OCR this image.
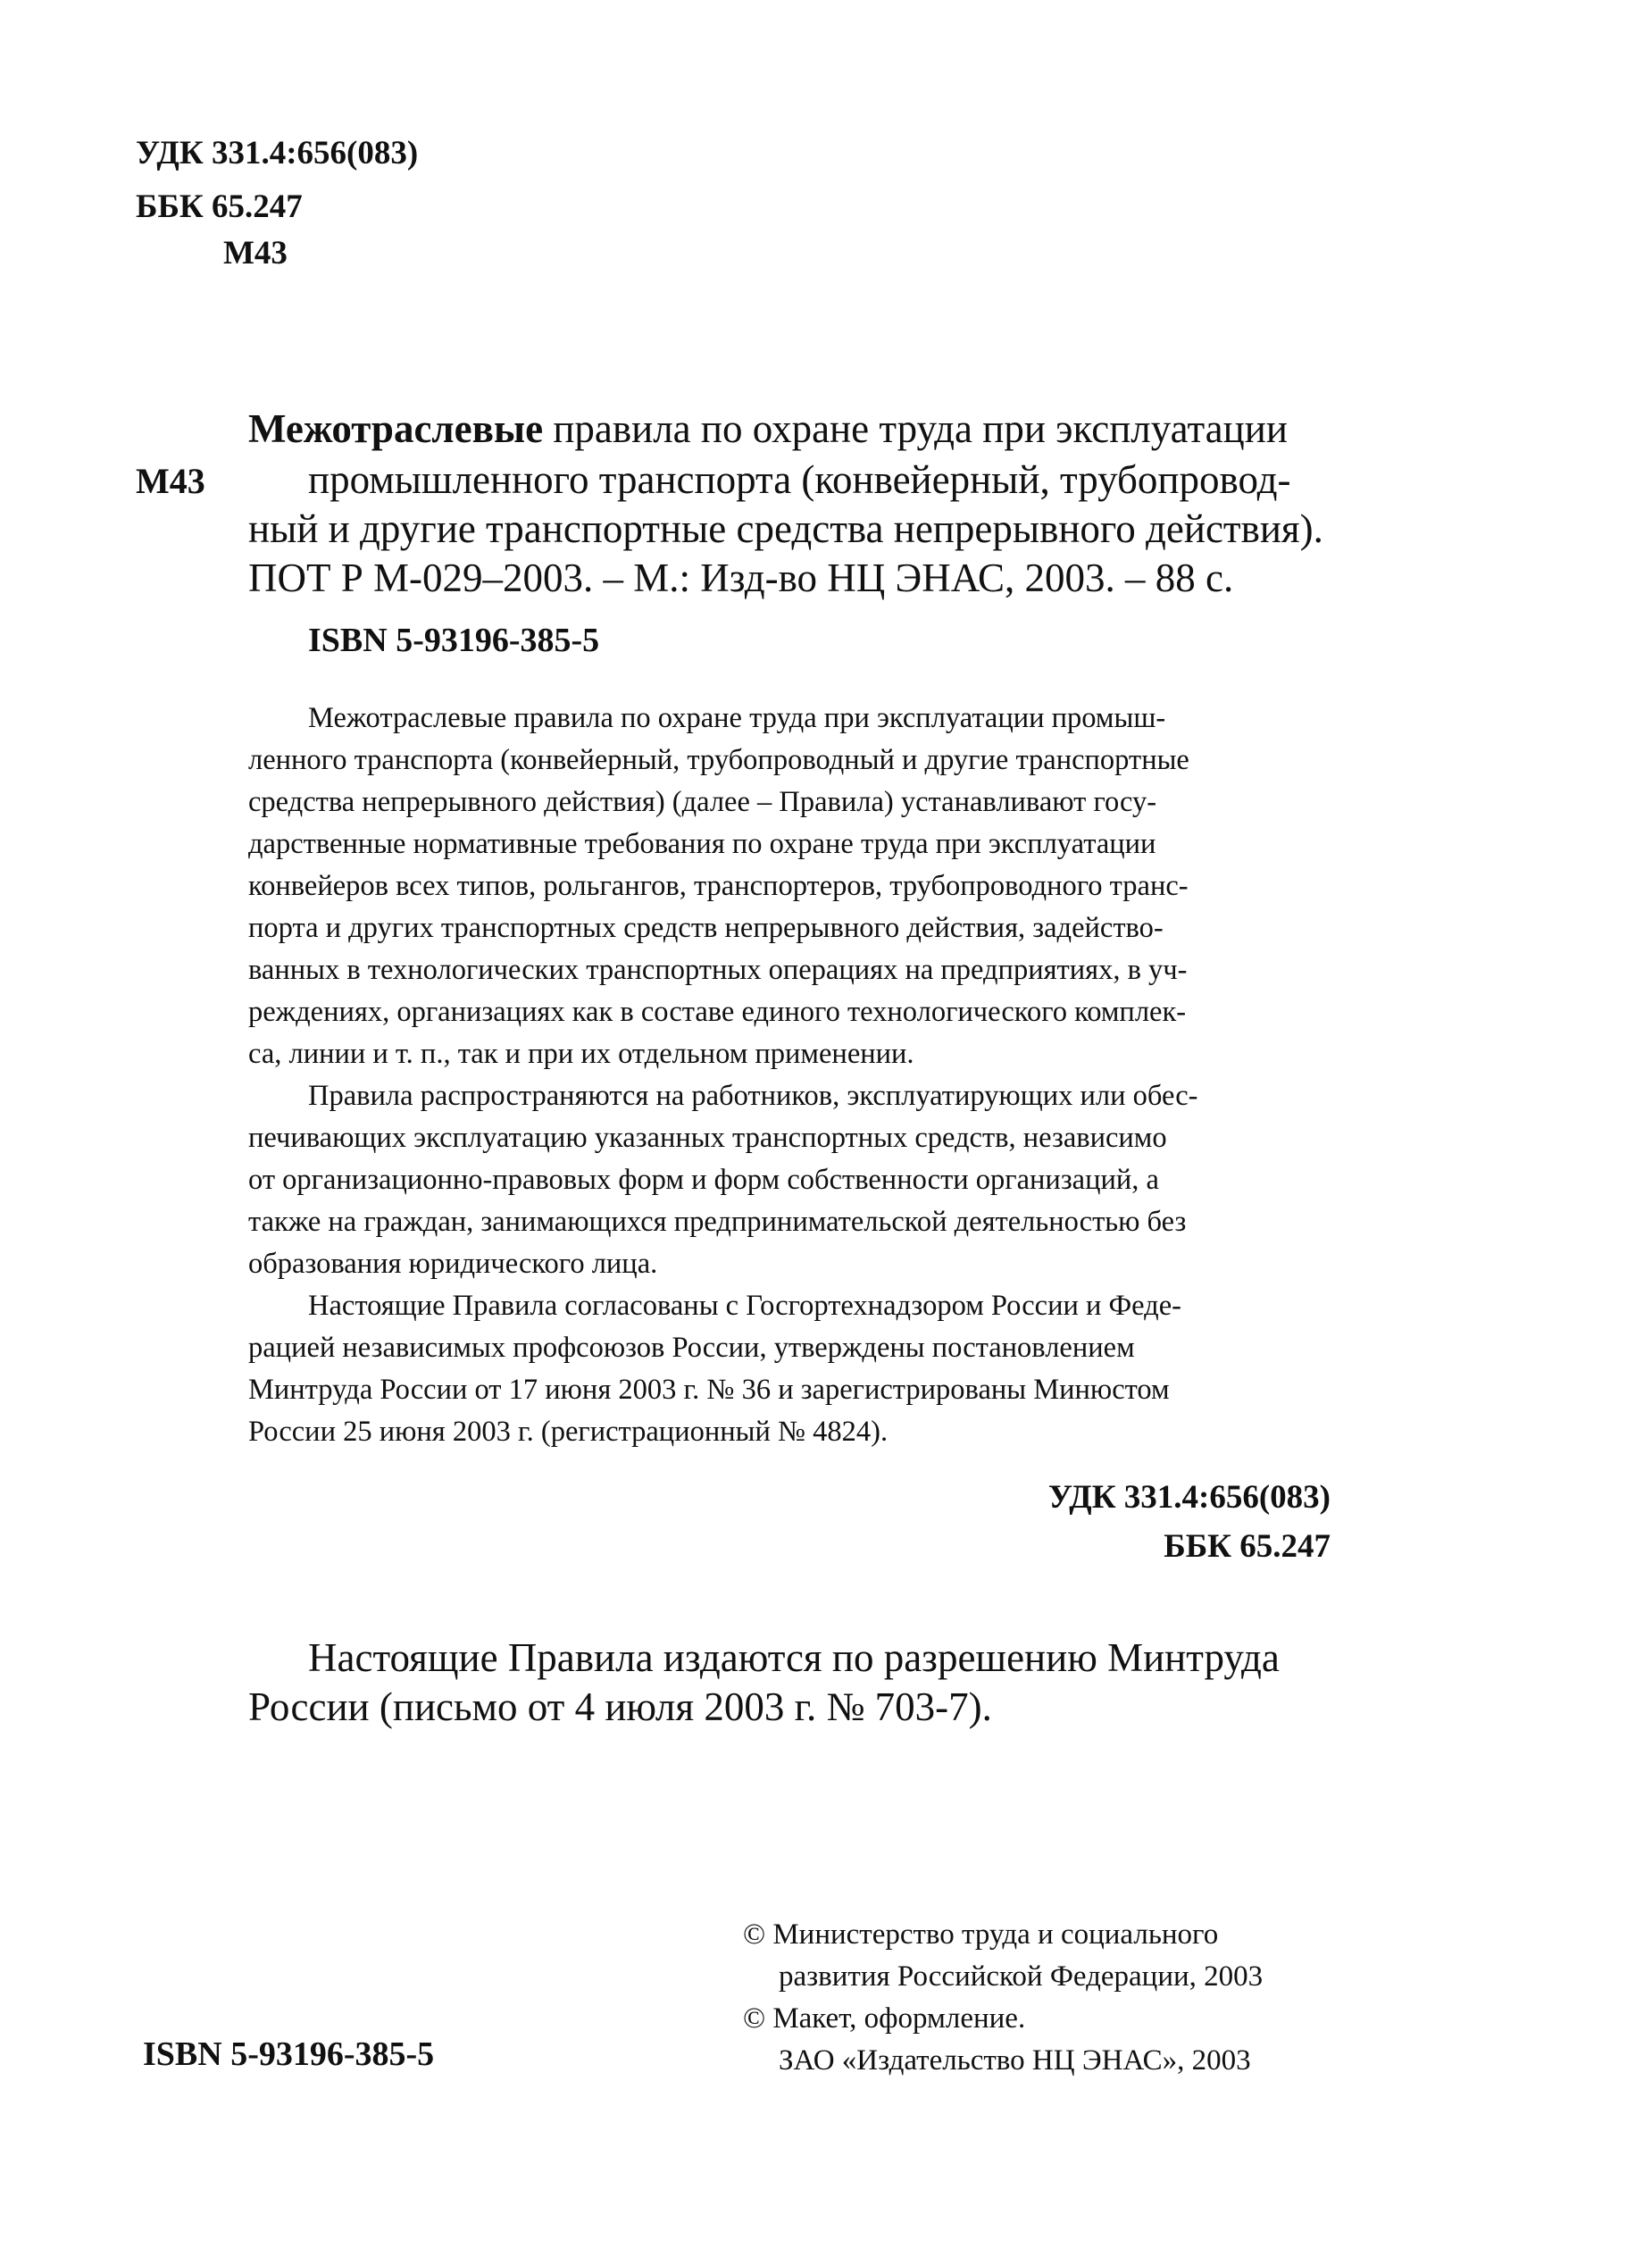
УДК 331.4:656(083)
ББК 65.247
М43
М43
Межотраслевые правила по охране труда при эксплуатации
промышленного транспорта (конвейерный, трубопровод-
ный и другие транспортные средства непрерывного действия).
ПОТ Р М-029–2003. – М.: Изд-во НЦ ЭНАС, 2003. – 88 с.
ISBN 5-93196-385-5
Межотраслевые правила по охране труда при эксплуатации промыш-
ленного транспорта (конвейерный, трубопроводный и другие транспортные
средства непрерывного действия) (далее – Правила) устанавливают госу-
дарственные нормативные требования по охране труда при эксплуатации
конвейеров всех типов, рольгангов, транспортеров, трубопроводного транс-
порта и других транспортных средств непрерывного действия, задейство-
ванных в технологических транспортных операциях на предприятиях, в уч-
реждениях, организациях как в составе единого технологического комплек-
са, линии и т. п., так и при их отдельном применении.
Правила распространяются на работников, эксплуатирующих или обес-
печивающих эксплуатацию указанных транспортных средств, независимо
от организационно-правовых форм и форм собственности организаций, а
также на граждан, занимающихся предпринимательской деятельностью без
образования юридического лица.
Настоящие Правила согласованы с Госгортехнадзором России и Феде-
рацией независимых профсоюзов России, утверждены постановлением
Минтруда России от 17 июня 2003 г. № 36 и зарегистрированы Минюстом
России 25 июня 2003 г. (регистрационный № 4824).
УДК 331.4:656(083)
ББК 65.247
Настоящие Правила издаются по разрешению Минтруда
России (письмо от 4 июля 2003 г. № 703-7).
© Министерство труда и социального
развития Российской Федерации, 2003
© Макет, оформление.
ЗАО «Издательство НЦ ЭНАС», 2003
ISBN 5-93196-385-5
